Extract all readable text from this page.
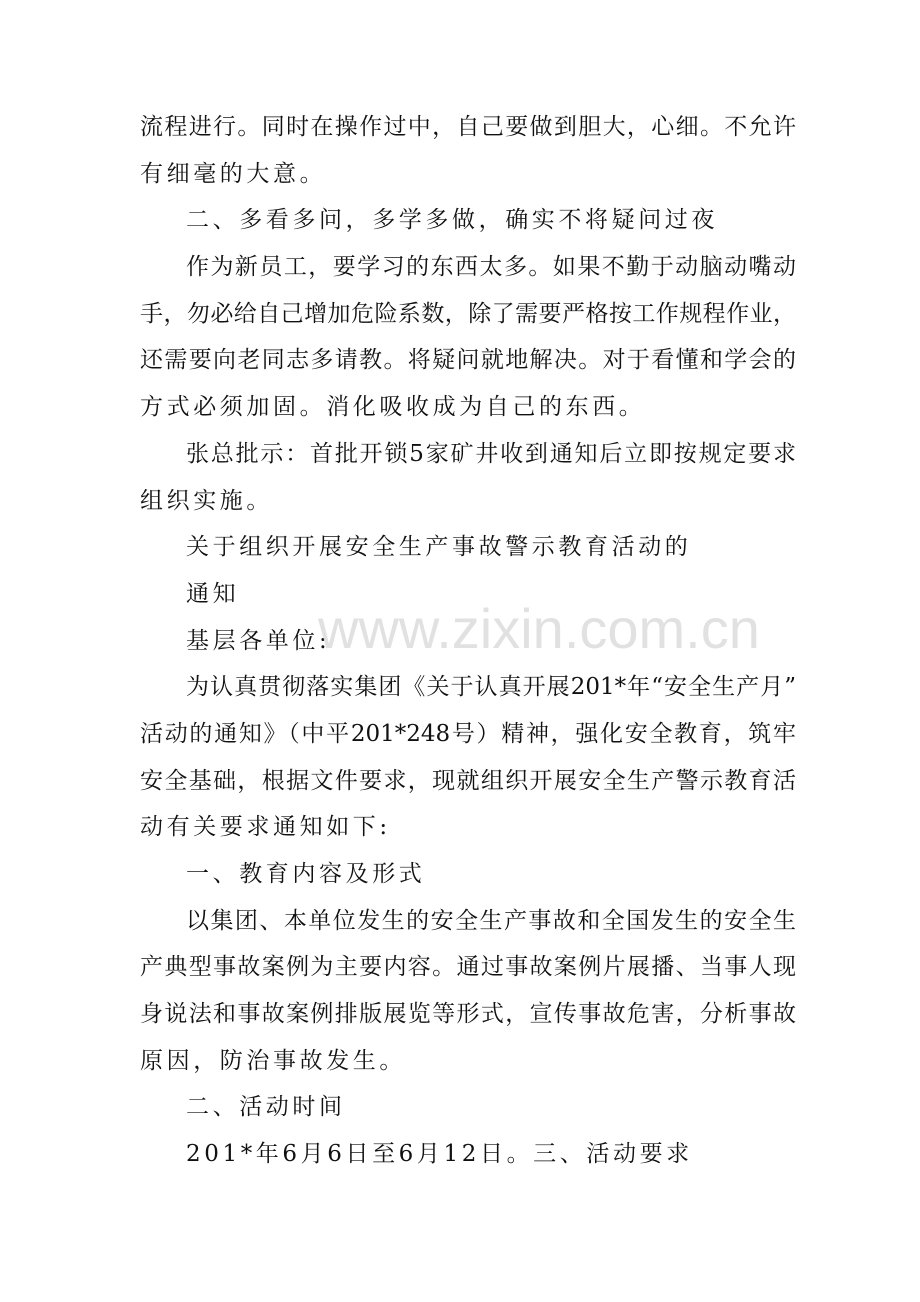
流程进行。同时在操作过中，自己要做到胆大，心细。不允许
有细毫的大意。
二、多看多问，多学多做，确实不将疑问过夜
作为新员工，要学习的东西太多。如果不勤于动脑动嘴动
手，勿必给自己增加危险系数，除了需要严格按工作规程作业，
还需要向老同志多请教。将疑问就地解决。对于看懂和学会的
方式必须加固。消化吸收成为自己的东西。
张总批示：首批开锁5家矿井收到通知后立即按规定要求
组织实施。
关于组织开展安全生产事故警示教育活动的
通知
基层各单位:
为认真贯彻落实集团《关于认真开展201*年“安全生产月”
活动的通知》（中平201*248号）精神，强化安全教育，筑牢
安全基础，根据文件要求，现就组织开展安全生产警示教育活
动有关要求通知如下:
一、教育内容及形式
以集团、本单位发生的安全生产事故和全国发生的安全生
产典型事故案例为主要内容。通过事故案例片展播、当事人现
身说法和事故案例排版展览等形式，宣传事故危害，分析事故
原因，防治事故发生。
二、活动时间
201*年6月6日至6月12日。三、活动要求
www.zixin.com.cn
